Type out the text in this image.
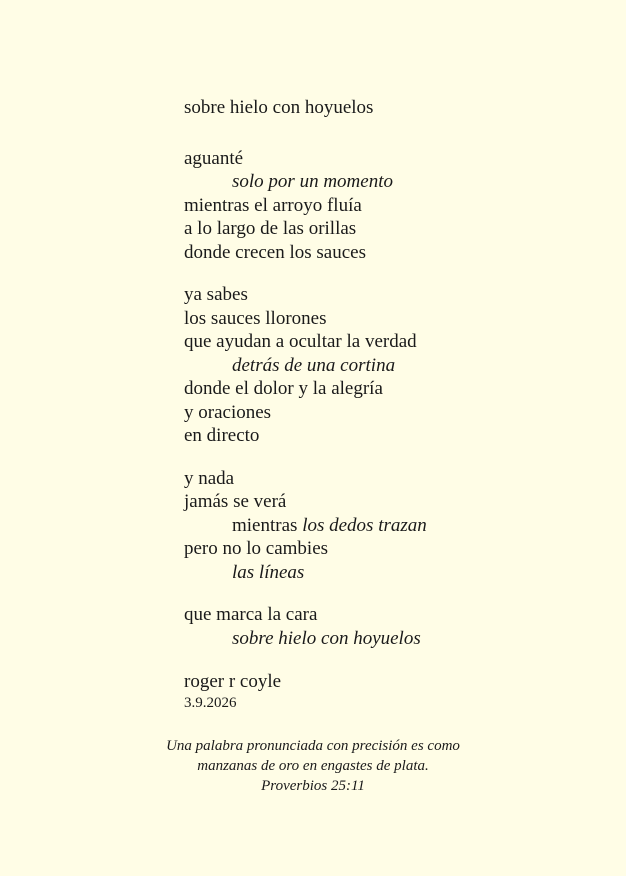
sobre hielo con hoyuelos
aguanté
solo por un momento
mientras el arroyo fluía
a lo largo de las orillas
donde crecen los sauces
ya sabes
los sauces llorones
que ayudan a ocultar la verdad
detrás de una cortina
donde el dolor y la alegría
y oraciones
en directo
y nada
jamás se verá
mientras los dedos trazan
pero no lo cambies
las líneas
que marca la cara
sobre hielo con hoyuelos
roger r coyle
3.9.2026
Una palabra pronunciada con precisión es como
manzanas de oro en engastes de plata.
Proverbios 25:11
